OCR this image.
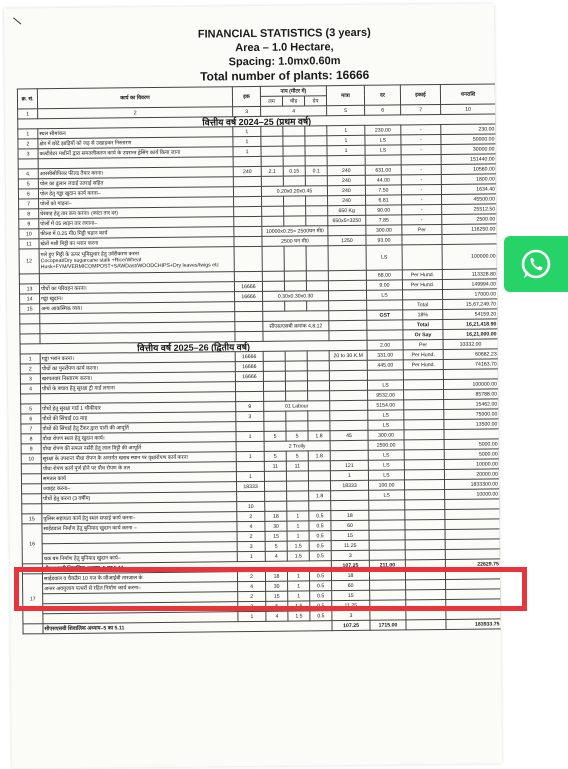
FINANCIAL STATISTICS (3 years)
Area – 1.0 Hectare,
Spacing: 1.0mx0.60m
Total number of plants: 16666
क्र. सं.	कार्य का विवरण	इक	नाप (मीटर में)			मात्रा	दर	इकाई	धनराशि
			लम	चौड	डेप				
1	2	3	4			5	6	7	10
वित्तीय वर्ष 2024–25 (प्रथम वर्ष)									
1	स्थल सीमांकन	1				1	230.00	-	230.00
2	क्षेत्र में छोटे झाड़ियों को जड़ से उखाड़कर निस्तारण	1				1	LS	-	50000.00
3	कल्टीवेटर मशीनों द्वारा समतलीकरण कार्य के उपरान्त ड्रेसिंग कार्य किया जाना	1				1	LS	-	30000.00
									151440.00
4.	आरसीसीपिलर फील्ड तैयार करना।	240	2.1	0.15	0.1	240	631.00	-	10560.00
5	पोल का ढुलान लदाई उतराई सहित					240	44.00	-	1800.00
6	पोल हेतु गड्ढा खुदान कार्य करना–		0.20x0.20x0.45			240	7.50	-	1634.40
7	पोलों को गाड़ना–					240	6.81	-	45500.00
8	घेरबाड़ हेतु तार क्रय करना। (कांटा तार दर)					650 Kg	90.00	-	25512.50
9	पोलों में 05 लाइन तार लगाना–					650x5=3250	7.85	-	2500.00
10	फील्ड में 0.25 मी0 मिट्टी चढ़ान कार्य		10000x0.25= 2500घन मी0				300.00	Per	116250.00
11	खेतों मशी मिट्टी का भरान करना		2500 घन मी0			1250	93.00		
12	गले हुए मिट्टी के ऊपर भूमिसुधार हेतु उर्वरीकरण करना
Cocopeat/Dry sugarcane stalk +Rice/Wheat Husk+FYM/VERMICOMPOST+SAWDast/WOODCHIPS+Dry leaves/twigs etc						LS		100000.00
							68.00	Per Hund.	113328.80
13	पौधों का परिवहन करना।	16666					9.00	Per Hund.	149994.00
14	गड्ढा खुदान।	16666	0.30x0.30x0.30				LS		17000.00
15	अन्य आकस्मिक व्यय।							Total	15,67,249.70
							GST	18%	54159.20
			सीएस/एसबी क्रमांक 4,8,12					Total	16,21,418.90
								Or Say	16,21,000.00
वित्तीय वर्ष 2025–26 (द्वितीय वर्ष)							2.00	Per	33332.00
1	गड्ढा भरान करना।	16666				20 to 30 K.M	331.00	Per Hund.	60682.23
2	पौधों का पुनर्रोपण कार्य करना।	16666					445.00	Per Hund.	74163.70
3	खरपतवार निस्तारण करना।	16666							
4	पौधों के बचाव हेतु सुरक्षा ट्री गार्ड लगाना						LS		100000.00
							9532.00		85788.00
5	पौधों हेतु सुरक्षा गार्ड 1 चौकीदार	9	01 Labour				5154.00		15462.00
6	पौधों की सिंचाई 03 माह	3					LS		75000.00
7	पौधों की सिंचाई हेतु टैंकर द्वारा पानी की आपूर्ति						LS		13500.00
8	पौधा रोपण स्थल हेतु खुदान कार्य।	1	5	5	1.8	45	300.00		
9	पौधा रोपण की सफल नर्सरी हेतु लाल मिट्टी की आपूर्ति		2 Trolly				2500.00		5000.00
10	सुरक्षा के उपरान्त पौधा रोपण के अन्तर्गत खराब स्थान पर वृक्षारोपण कार्य करना	1	5	5	1.8		LS		5000.00
	पौधा रोपण कार्य पूर्ण होने पर पौध रोपण के तल		11	11		121	LS		10000.00
	समतल कार्य	1				1	LS		20000.00
	ज्वाइंट करना–	18333				18333	100.00		1833300.00
	पौधों हेतु करना (3 वर्षीय)				1.8		LS		10000.00
		10							
15	पुलिस सहायता कार्य हेतु स्थल सफाई कार्य करना–	2	18	1	0.5	18			
16	साईडवाल निर्माण हेतु बुनियाद खुदान कार्य करना –	4	30	1	0.5	60			
		2	15	1	0.5	15			
		3	5	1.5	0.5	11.25			
	चक बम निर्माण हेतु बुनियाद खुदान कार्य–	1	4	1.5	0.5	3			
	सीएसएसबी शिवालिक अध्याय–5 का 5.11					107.25	211.00		22629.75
17	साईडवाल व चैकडैम 10 गज के जीआईबी तारजाल के	2	18	1	0.5	18			
	अन्तर अवयुजाय पत्थरों से रहित निर्माण कार्य करना–	4	30	1	0.5	60			
		2	15	1	0.5	15			
		3	5	1.5	0.5	11.25			
		1	4	1.5	0.5	3			
	सीएसएसबी शिवालिक अध्याय–5 का 5.11					107.25	1715.00		183933.75
